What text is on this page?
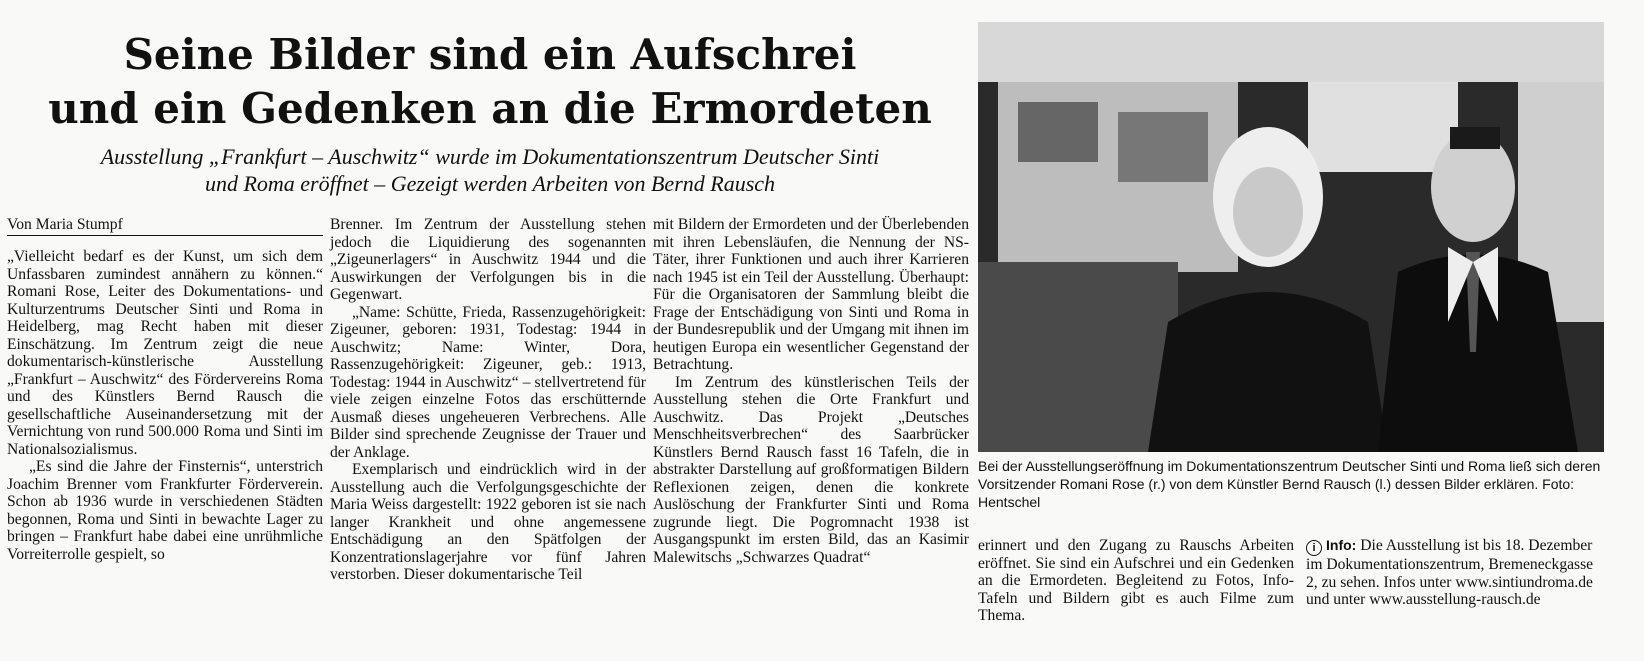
Seine Bilder sind ein Aufschrei
und ein Gedenken an die Ermordeten
Ausstellung „Frankfurt – Auschwitz“ wurde im Dokumentationszentrum Deutscher Sinti
und Roma eröffnet – Gezeigt werden Arbeiten von Bernd Rausch
Von Maria Stumpf

„Vielleicht bedarf es der Kunst, um sich dem Unfassbaren zumindest annähern zu können.“ Romani Rose, Leiter des Dokumentations- und Kulturzentrums Deutscher Sinti und Roma in Heidelberg, mag Recht haben mit dieser Einschätzung. Im Zentrum zeigt die neue dokumentarisch-künstlerische Ausstellung „Frankfurt – Auschwitz“ des Fördervereins Roma und des Künstlers Bernd Rausch die gesellschaftliche Auseinandersetzung mit der Vernichtung von rund 500.000 Roma und Sinti im Nationalsozialismus.

„Es sind die Jahre der Finsternis“, unterstrich Joachim Brenner vom Frankfurter Förderverein. Schon ab 1936 wurde in verschiedenen Städten begonnen, Roma und Sinti in bewachte Lager zu bringen – Frankfurt habe dabei eine unrühmliche Vorreiterrolle gespielt, so

Brenner. Im Zentrum der Ausstellung stehen jedoch die Liquidierung des sogenannten „Zigeunerlagers“ in Auschwitz 1944 und die Auswirkungen der Verfolgungen bis in die Gegenwart.

„Name: Schütte, Frieda, Rassenzugehörigkeit: Zigeuner, geboren: 1931, Todestag: 1944 in Auschwitz; Name: Winter, Dora, Rassenzugehörigkeit: Zigeuner, geb.: 1913, Todestag: 1944 in Auschwitz“ – stellvertretend für viele zeigen einzelne Fotos das erschütternde Ausmaß dieses ungeheueren Verbrechens. Alle Bilder sind sprechende Zeugnisse der Trauer und der Anklage.

Exemplarisch und eindrücklich wird in der Ausstellung auch die Verfolgungsgeschichte der Maria Weiss dargestellt: 1922 geboren ist sie nach langer Krankheit und ohne angemessene Entschädigung an den Spätfolgen der Konzentrationslagerjahre vor fünf Jahren verstorben. Dieser dokumentarische Teil

mit Bildern der Ermordeten und der Überlebenden mit ihren Lebensläufen, die Nennung der NS-Täter, ihrer Funktionen und auch ihrer Karrieren nach 1945 ist ein Teil der Ausstellung. Überhaupt: Für die Organisatoren der Sammlung bleibt die Frage der Entschädigung von Sinti und Roma in der Bundesrepublik und der Umgang mit ihnen im heutigen Europa ein wesentlicher Gegenstand der Betrachtung.

Im Zentrum des künstlerischen Teils der Ausstellung stehen die Orte Frankfurt und Auschwitz. Das Projekt „Deutsches Menschheitsverbrechen“ des Saarbrücker Künstlers Bernd Rausch fasst 16 Tafeln, die in abstrakter Darstellung auf großformatigen Bildern Reflexionen zeigen, denen die konkrete Auslöschung der Frankfurter Sinti und Roma zugrunde liegt. Die Pogromnacht 1938 ist Ausgangspunkt im ersten Bild, das an Kasimir Malewitschs „Schwarzes Quadrat“

Bei der Ausstellungseröffnung im Dokumentationszentrum Deutscher Sinti und Roma ließ sich deren Vorsitzender Romani Rose (r.) von dem Künstler Bernd Rausch (l.) dessen Bilder erklären. Foto: Hentschel
erinnert und den Zugang zu Rauschs Arbeiten eröffnet. Sie sind ein Aufschrei und ein Gedenken an die Ermordeten. Begleitend zu Fotos, Info-Tafeln und Bildern gibt es auch Filme zum Thema.
i Info: Die Ausstellung ist bis 18. Dezember im Dokumentationszentrum, Bremeneckgasse 2, zu sehen. Infos unter www.sintiundroma.de und unter www.ausstellung-rausch.de
